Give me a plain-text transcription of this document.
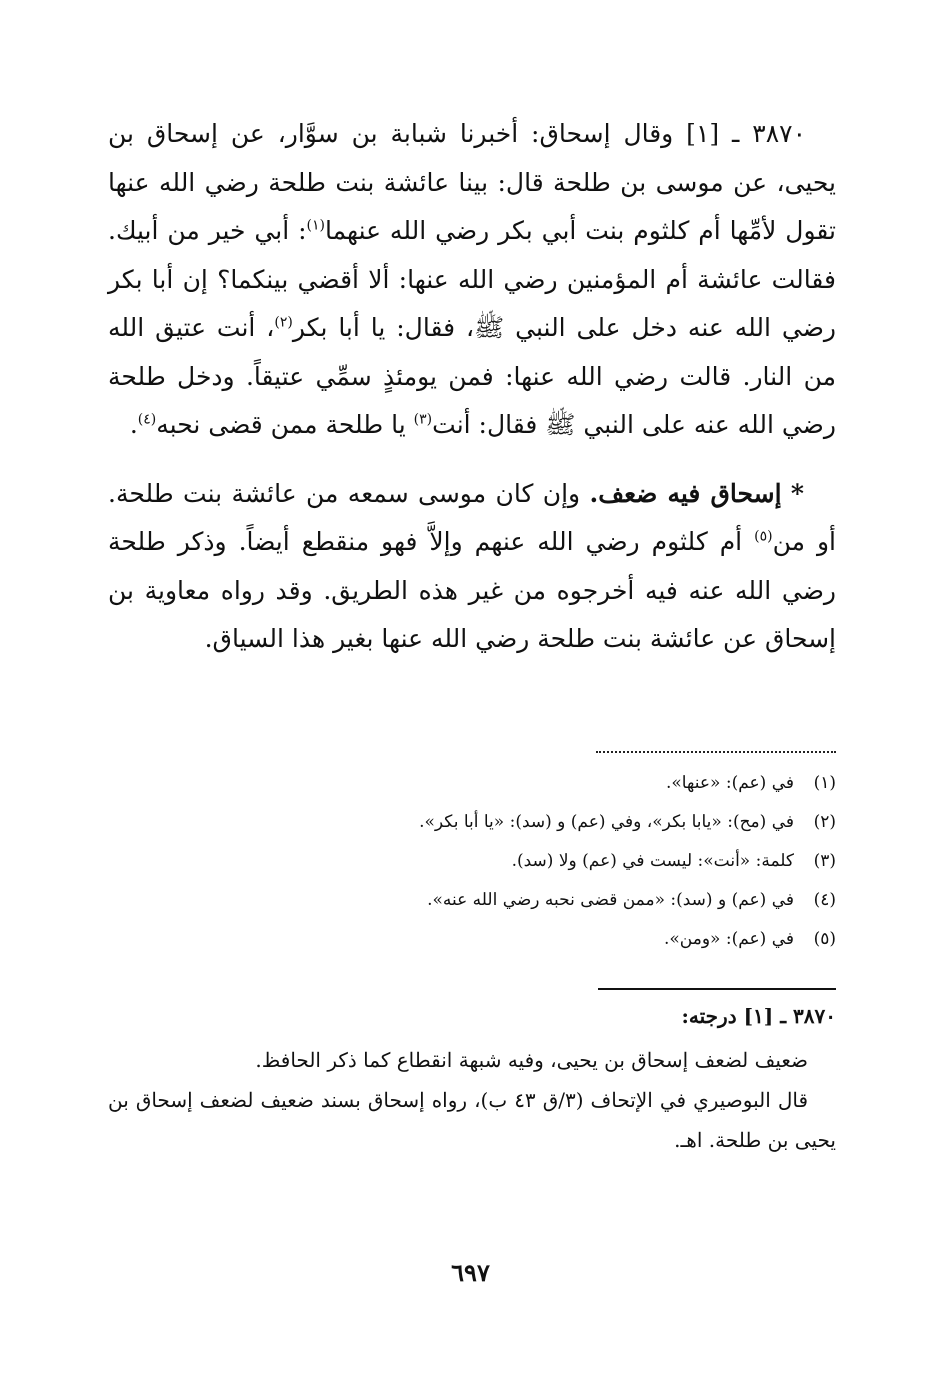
٣٨٧٠ ـ [١] وقال إسحاق: أخبرنا شبابة بن سوَّار، عن إسحاق بن يحيى، عن موسى بن طلحة قال: بينا عائشة بنت طلحة رضي الله عنها تقول لأمِّها أم كلثوم بنت أبي بكر رضي الله عنهما$^{(١)}$: أبي خير من أبيك. فقالت عائشة أم المؤمنين رضي الله عنها: ألا أقضي بينكما؟ إن أبا بكر رضي الله عنه دخل على النبي ﷺ، فقال: يا أبا بكر$^{(٢)}$، أنت عتيق الله من النار. قالت رضي الله عنها: فمن يومئذٍ سمِّي عتيقاً. ودخل طلحة رضي الله عنه على النبي ﷺ فقال: أنت$^{(٣)}$ يا طلحة ممن قضى نحبه$^{(٤)}$.

* إسحاق فيه ضعف. وإن كان موسى سمعه من عائشة بنت طلحة. أو من$^{(٥)}$ أم كلثوم رضي الله عنهم وإلاَّ فهو منقطع أيضاً. وذكر طلحة رضي الله عنه فيه أخرجوه من غير هذه الطريق. وقد رواه معاوية بن إسحاق عن عائشة بنت طلحة رضي الله عنها بغير هذا السياق.

(١)في (عم): «عنها».
(٢)في (مح): «يابا بكر»، وفي (عم) و (سد): «يا أبا بكر».
(٣)كلمة: «أنت»: ليست في (عم) ولا (سد).
(٤)في (عم) و (سد): «ممن قضى نحبه رضي الله عنه».
(٥)في (عم): «ومن».
٣٨٧٠ ـ [١] درجته:

ضعيف لضعف إسحاق بن يحيى، وفيه شبهة انقطاع كما ذكر الحافظ.

قال البوصيري في الإتحاف (٣/ق ٤٣ ب)، رواه إسحاق بسند ضعيف لضعف إسحاق بن يحيى بن طلحة. اهـ.

٦٩٧
